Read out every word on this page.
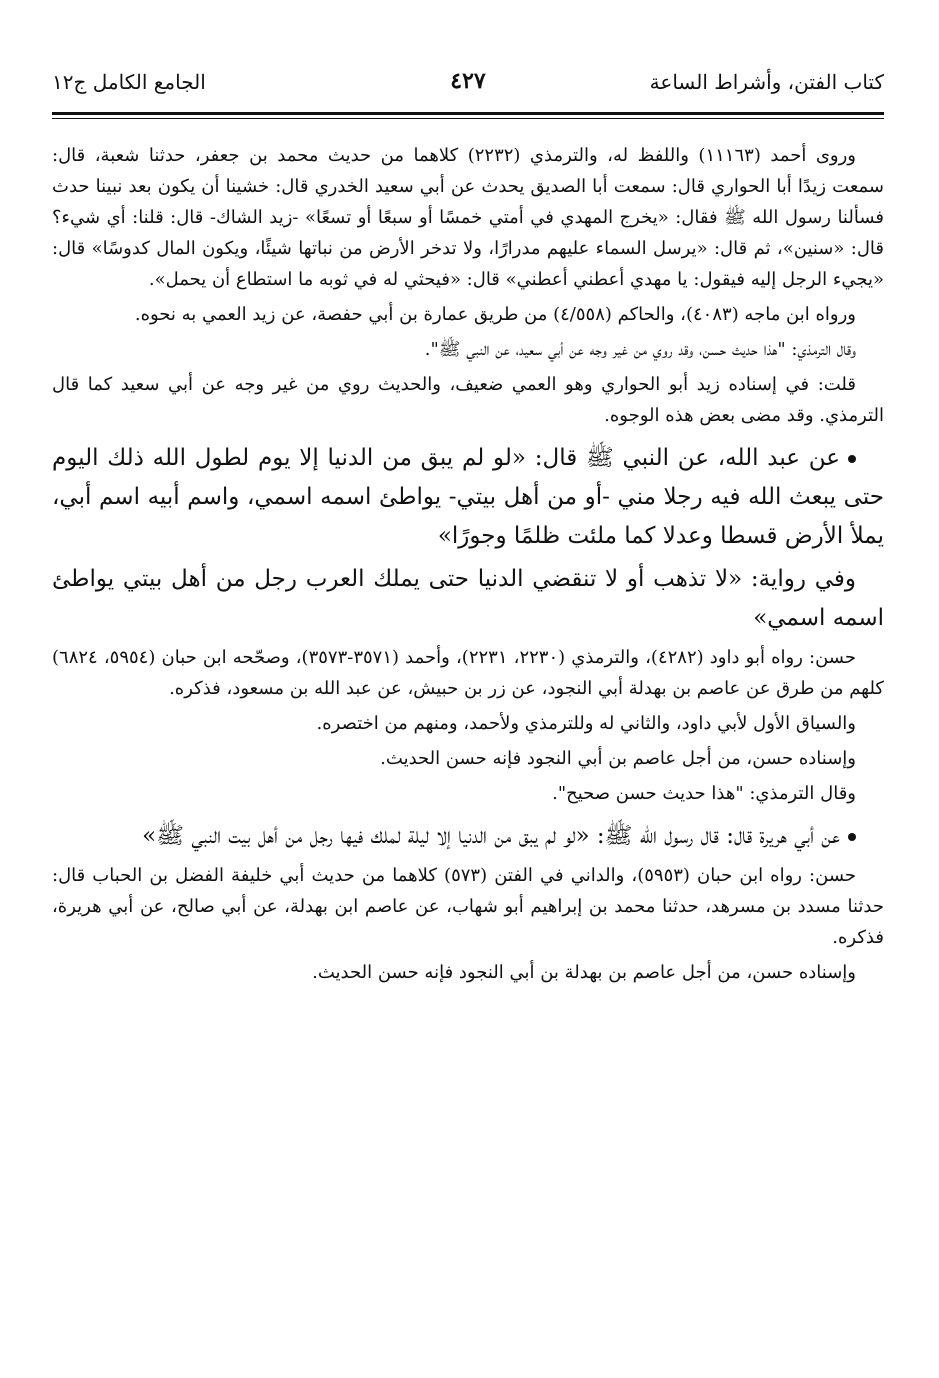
كتاب الفتن، وأشراط الساعة
٤٢٧
الجامع الكامل ج١٢

وروى أحمد (١١١٦٣) واللفظ له، والترمذي (٢٢٣٢) كلاهما من حديث محمد بن جعفر، حدثنا شعبة، قال: سمعت زيدًا أبا الحواري قال: سمعت أبا الصديق يحدث عن أبي سعيد الخدري قال: خشينا أن يكون بعد نبينا حدث فسألنا رسول الله ﷺ فقال: «يخرج المهدي في أمتي خمسًا أو سبعًا أو تسعًا» -زيد الشاك- قال: قلنا: أي شيء؟ قال: «سنين»، ثم قال: «يرسل السماء عليهم مدرارًا، ولا تدخر الأرض من نباتها شيئًا، ويكون المال كدوسًا» قال: «يجيء الرجل إليه فيقول: يا مهدي أعطني أعطني» قال: «فيحثي له في ثوبه ما استطاع أن يحمل».

ورواه ابن ماجه (٤٠٨٣)، والحاكم (٤/٥٥٨) من طريق عمارة بن أبي حفصة، عن زيد العمي به نحوه.

وقال الترمذي: "هذا حديث حسن، وقد روي من غير وجه عن أبي سعيد، عن النبي ﷺ".

قلت: في إسناده زيد أبو الحواري وهو العمي ضعيف، والحديث روي من غير وجه عن أبي سعيد كما قال الترمذي. وقد مضى بعض هذه الوجوه.

عن عبد الله، عن النبي ﷺ قال: «لو لم يبق من الدنيا إلا يوم لطول الله ذلك اليوم حتى يبعث الله فيه رجلا مني -أو من أهل بيتي- يواطئ اسمه اسمي، واسم أبيه اسم أبي، يملأ الأرض قسطا وعدلا كما ملئت ظلمًا وجورًا»

وفي رواية: «لا تذهب أو لا تنقضي الدنيا حتى يملك العرب رجل من أهل بيتي يواطئ اسمه اسمي»

حسن: رواه أبو داود (٤٢٨٢)، والترمذي (٢٢٣٠، ٢٢٣١)، وأحمد (٣٥٧١-٣٥٧٣)، وصحّحه ابن حبان (٥٩٥٤، ٦٨٢٤) كلهم من طرق عن عاصم بن بهدلة أبي النجود، عن زر بن حبيش، عن عبد الله بن مسعود، فذكره.

والسياق الأول لأبي داود، والثاني له وللترمذي ولأحمد، ومنهم من اختصره.

وإسناده حسن، من أجل عاصم بن أبي النجود فإنه حسن الحديث.

وقال الترمذي: "هذا حديث حسن صحيح".

عن أبي هريرة قال: قال رسول الله ﷺ: «لو لم يبق من الدنيا إلا ليلة لملك فيها رجل من أهل بيت النبي ﷺ»

حسن: رواه ابن حبان (٥٩٥٣)، والداني في الفتن (٥٧٣) كلاهما من حديث أبي خليفة الفضل بن الحباب قال: حدثنا مسدد بن مسرهد، حدثنا محمد بن إبراهيم أبو شهاب، عن عاصم ابن بهدلة، عن أبي صالح، عن أبي هريرة، فذكره.

وإسناده حسن، من أجل عاصم بن بهدلة بن أبي النجود فإنه حسن الحديث.
